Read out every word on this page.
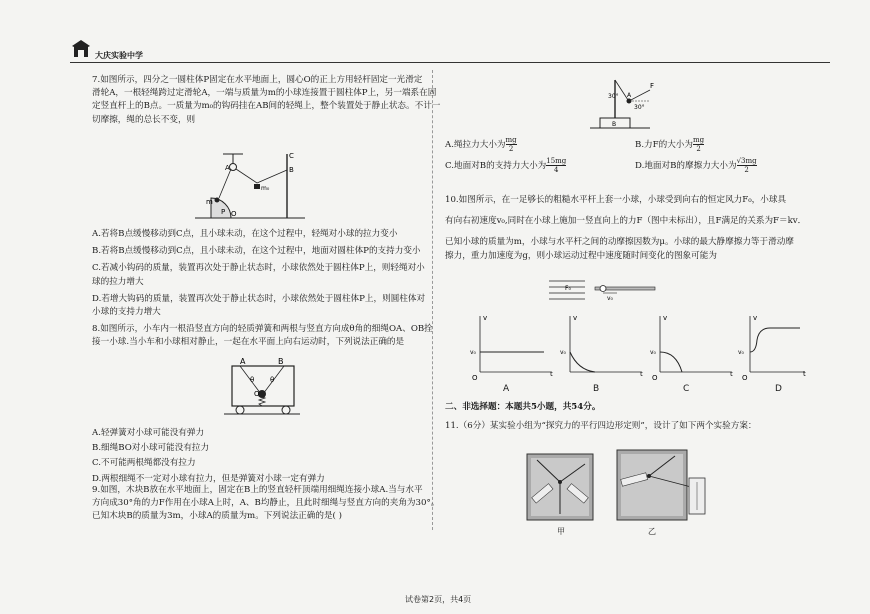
大庆实验中学

7.如图所示，四分之一圆柱体P固定在水平地面上，圆心O的正上方用轻杆固定一光滑定

滑轮A，一根轻绳跨过定滑轮A，一端与质量为m的小球连接置于圆柱体P上，另一端系在固

定竖直杆上的B点。一质量为m₀的钩码挂在AB间的轻绳上，整个装置处于静止状态。不计一

切摩擦，绳的总长不变，则

A	B
C
m
m₀
P O

A.若将B点缓慢移动到C点，且小球未动，在这个过程中，轻绳对小球的拉力变小

B.若将B点缓慢移动到C点，且小球未动，在这个过程中，地面对圆柱体P的支持力变小

C.若减小钩码的质量，装置再次处于静止状态时，小球依然处于圆柱体P上，则轻绳对小

球的拉力增大

D.若增大钩码的质量，装置再次处于静止状态时，小球依然处于圆柱体P上，则圆柱体对

小球的支持力增大

8.如图所示，小车内一根沿竖直方向的轻质弹簧和两根与竖直方向成θ角的细绳OA、OB拴

接一小球.当小车和小球相对静止，一起在水平面上向右运动时，下列说法正确的是

A	B
θ θ
O

A.轻弹簧对小球可能没有弹力

B.细绳BO对小球可能没有拉力

C.不可能两根绳都没有拉力

D.两根细绳不一定对小球有拉力，但是弹簧对小球一定有弹力

9.如图，木块B放在水平地面上，固定在B上的竖直轻杆顶端用细绳连接小球A.当与水平

方向成30°角的力F作用在小球A上时，A、B均静止，且此时细绳与竖直方向的夹角为30°。

已知木块B的质量为3m，小球A的质量为m。下列说法正确的是( )

30°
30°
F
A
B
A.绳拉力大小为 $\frac{mg}{2}$	B.力F的大小为 $\frac{mg}{2}$
C.地面对B的支持力大小为 $\frac{15mg}{4}$	D.地面对B的摩擦力大小为 $\frac{√3mg}{2}$

10.如图所示，在一足够长的粗糙水平杆上套一小球，小球受到向右的恒定风力F₀，小球具

有向右初速度v₀,同时在小球上施加一竖直向上的力F（图中未标出），且F满足的关系为F＝kv．

已知小球的质量为m，小球与水平杆之间的动摩擦因数为μ。小球的最大静摩擦力等于滑动摩

擦力，重力加速度为g，则小球运动过程中速度随时间变化的图象可能为

F₀
v₀
v
t
O
v₀
v
t
v₀
v
t
O
v₀
v
t
O
v₀
A	B	C	D
二、非选择题：本题共5小题，共54分。
11.（6分）某实验小组为“探究力的平行四边形定则”，设计了如下两个实验方案：
甲	乙
试卷第2页，共4页
